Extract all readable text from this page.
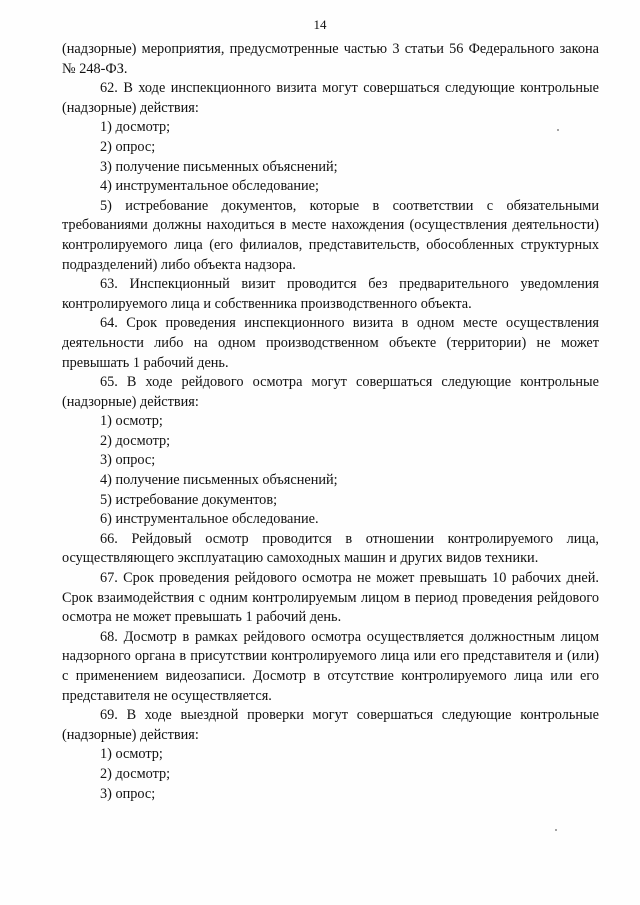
14

(надзорные) мероприятия, предусмотренные частью 3 статьи 56 Федерального закона № 248-ФЗ.

62. В ходе инспекционного визита могут совершаться следующие контрольные (надзорные) действия:

1) досмотр;

2) опрос;

3) получение письменных объяснений;

4) инструментальное обследование;

5) истребование документов, которые в соответствии с обязательными требованиями должны находиться в месте нахождения (осуществления деятельности) контролируемого лица (его филиалов, представительств, обособленных структурных подразделений) либо объекта надзора.

63. Инспекционный визит проводится без предварительного уведомления контролируемого лица и собственника производственного объекта.

64. Срок проведения инспекционного визита в одном месте осуществления деятельности либо на одном производственном объекте (территории) не может превышать 1 рабочий день.

65. В ходе рейдового осмотра могут совершаться следующие контрольные (надзорные) действия:

1) осмотр;

2) досмотр;

3) опрос;

4) получение письменных объяснений;

5) истребование документов;

6) инструментальное обследование.

66. Рейдовый осмотр проводится в отношении контролируемого лица, осуществляющего эксплуатацию самоходных машин и других видов техники.

67. Срок проведения рейдового осмотра не может превышать 10 рабочих дней. Срок взаимодействия с одним контролируемым лицом в период проведения рейдового осмотра не может превышать 1 рабочий день.

68. Досмотр в рамках рейдового осмотра осуществляется должностным лицом надзорного органа в присутствии контролируемого лица или его представителя и (или) с применением видеозаписи. Досмотр в отсутствие контролируемого лица или его представителя не осуществляется.

69. В ходе выездной проверки могут совершаться следующие контрольные (надзорные) действия:

1) осмотр;

2) досмотр;

3) опрос;
